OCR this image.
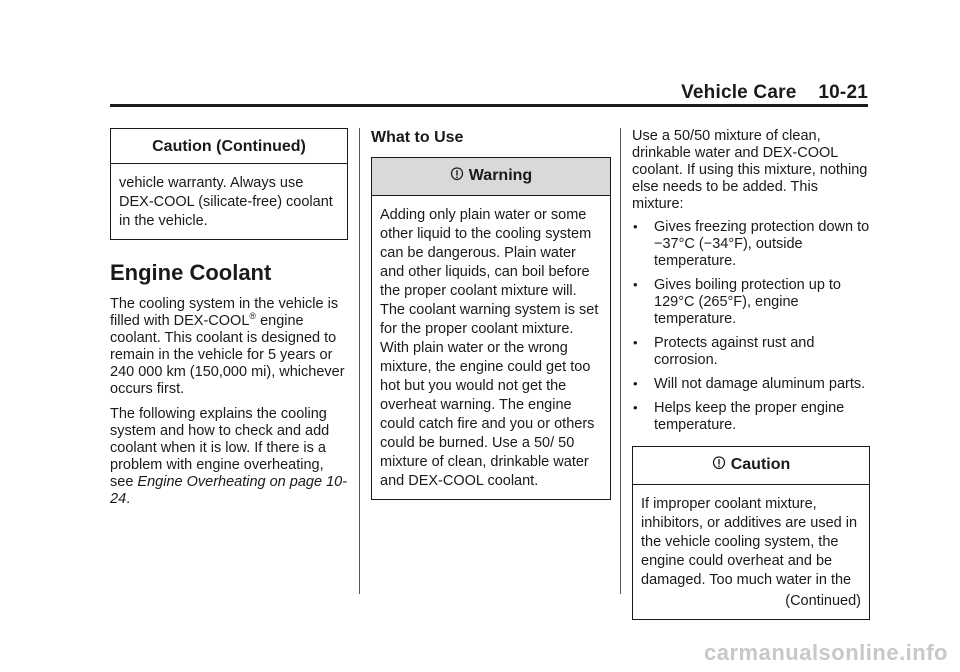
Vehicle Care    10-21
Caution (Continued)

vehicle warranty. Always use DEX-COOL (silicate-free) coolant in the vehicle.

Engine Coolant

The cooling system in the vehicle is filled with DEX-COOL® engine coolant. This coolant is designed to remain in the vehicle for 5 years or 240 000 km (150,000 mi), whichever occurs first.

The following explains the cooling system and how to check and add coolant when it is low. If there is a problem with engine overheating, see Engine Overheating on page 10-24.

What to Use
Warning

Adding only plain water or some other liquid to the cooling system can be dangerous. Plain water and other liquids, can boil before the proper coolant mixture will. The coolant warning system is set for the proper coolant mixture. With plain water or the wrong mixture, the engine could get too hot but you would not get the overheat warning. The engine could catch fire and you or others could be burned. Use a 50/ 50 mixture of clean, drinkable water and DEX-COOL coolant.

Use a 50/50 mixture of clean, drinkable water and DEX-COOL coolant. If using this mixture, nothing else needs to be added. This mixture:

• Gives freezing protection down to −37°C (−34°F), outside temperature.
• Gives boiling protection up to 129°C (265°F), engine temperature.
• Protects against rust and corrosion.
• Will not damage aluminum parts.
• Helps keep the proper engine temperature.
Caution

If improper coolant mixture, inhibitors, or additives are used in the vehicle cooling system, the engine could overheat and be damaged. Too much water in the

(Continued)
carmanualsonline.info
